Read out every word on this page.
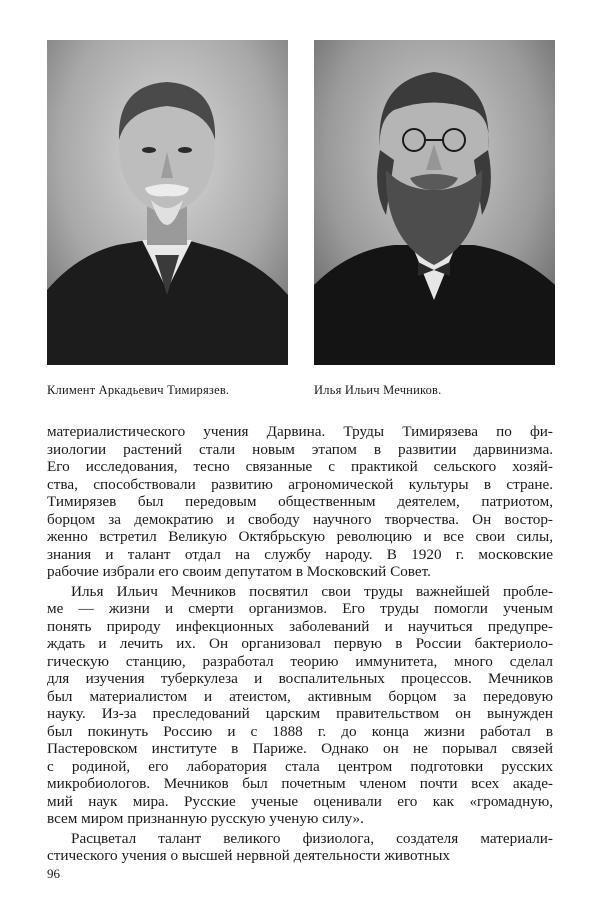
Климент Аркадьевич Тимирязев.	Илья Ильич Мечников.
материалистического учения Дарвина. Труды Тимирязева по фи-
зиологии растений стали новым этапом в развитии дарвинизма.
Его исследования, тесно связанные с практикой сельского хозяй-
ства, способствовали развитию агрономической культуры в стране.
Тимирязев был передовым общественным деятелем, патриотом,
борцом за демократию и свободу научного творчества. Он востор-
женно встретил Великую Октябрьскую революцию и все свои силы,
знания и талант отдал на службу народу. В 1920 г. московские
рабочие избрали его своим депутатом в Московский Совет.
Илья Ильич Мечников посвятил свои труды важнейшей пробле-
ме — жизни и смерти организмов. Его труды помогли ученым
понять природу инфекционных заболеваний и научиться предупре-
ждать и лечить их. Он организовал первую в России бактериоло-
гическую станцию, разработал теорию иммунитета, много сделал
для изучения туберкулеза и воспалительных процессов. Мечников
был материалистом и атеистом, активным борцом за передовую
науку. Из-за преследований царским правительством он вынужден
был покинуть Россию и с 1888 г. до конца жизни работал в
Пастеровском институте в Париже. Однако он не порывал связей
с родиной, его лаборатория стала центром подготовки русских
микробиологов. Мечников был почетным членом почти всех акаде-
мий наук мира. Русские ученые оценивали его как «громадную,
всем миром признанную русскую ученую силу».
Расцветал талант великого физиолога, создателя материали-
стического учения о высшей нервной деятельности животных
96
